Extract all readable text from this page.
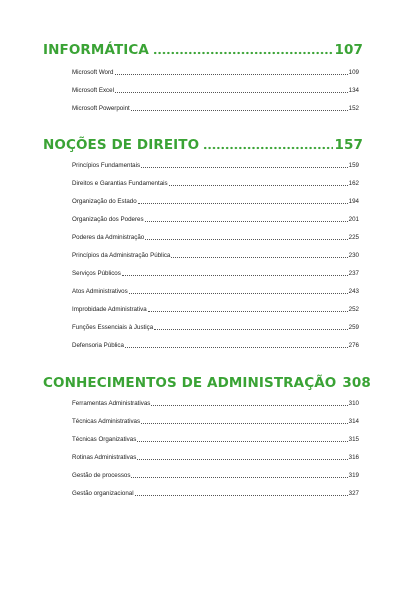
INFORMÁTICA	107
Microsoft Word	109
Microsoft Excel	134
Microsoft Powerpoint	152
NOÇÕES DE DIREITO	157
Princípios Fundamentais	159
Direitos e Garantias Fundamentais	162
Organização do Estado	194
Organização dos Poderes	201
Poderes da Administração	225
Princípios da Administração Pública	230
Serviços Públicos	237
Atos Administrativos	243
Improbidade Administrativa	252
Funções Essenciais à Justiça	259
Defensoria Pública	276
CONHECIMENTOS DE ADMINISTRAÇÃO 308
Ferramentas Administrativas	310
Técnicas Administrativas	314
Técnicas Organizativas	315
Rotinas Administrativas	316
Gestão de processos	319
Gestão organizacional	327
